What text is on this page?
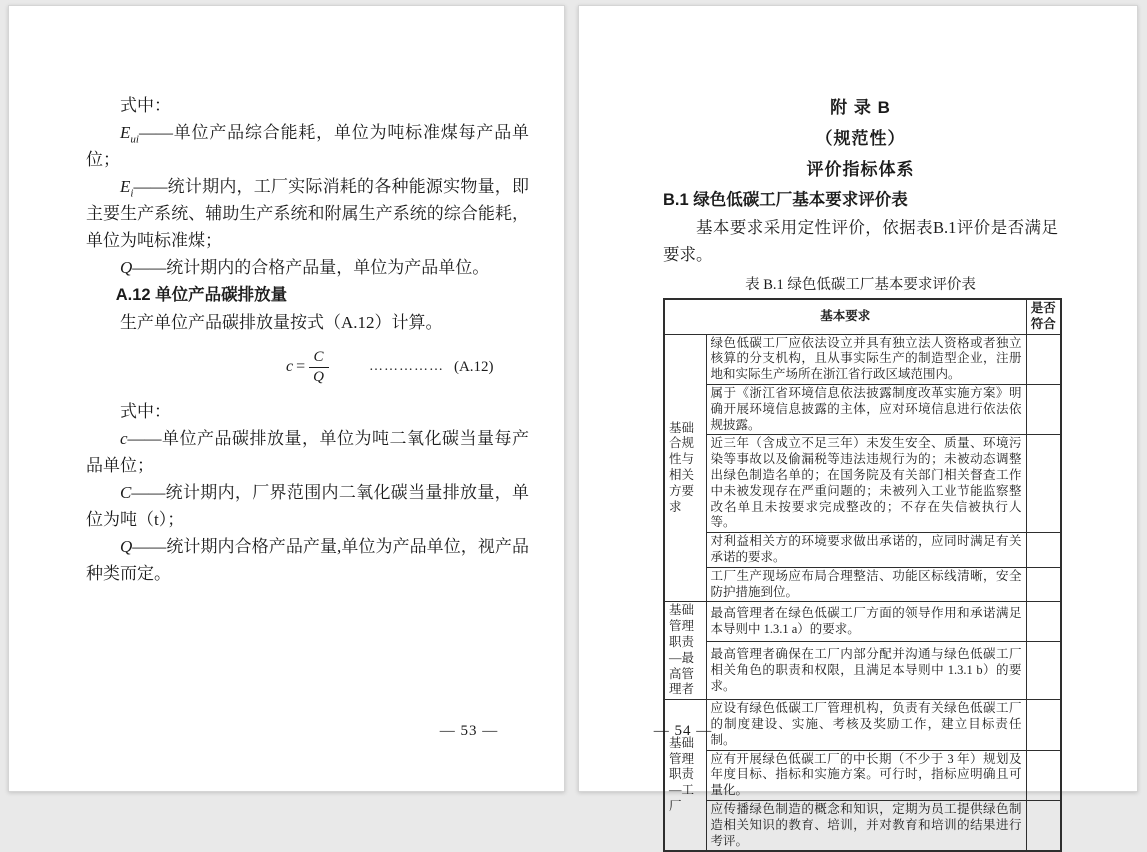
式中：

$E_{ui}——$单位产品综合能耗，单位为吨标准煤每产品单位；

$E_i——$统计期内，工厂实际消耗的各种能源实物量，即主要生产系统、辅助生产系统和附属生产系统的综合能耗，单位为吨标准煤；

Q——统计期内的合格产品量，单位为产品单位。

A.12 单位产品碳排放量

生产单位产品碳排放量按式（A.12）计算。

$c = \frac{C}{Q}$	…………… (A.12)

式中：

c——单位产品碳排放量，单位为吨二氧化碳当量每产品单位；

C——统计期内，厂界范围内二氧化碳当量排放量，单位为吨（t）；

Q——统计期内合格产品产量,单位为产品单位，视产品种类而定。

— 53 —

附 录 B

（规范性）

评价指标体系

B.1 绿色低碳工厂基本要求评价表

基本要求采用定性评价，依据表B.1评价是否满足要求。

表 B.1 绿色低碳工厂基本要求评价表

基本要求		是否符合
基础合规性与相关方要求	绿色低碳工厂应依法设立并具有独立法人资格或者独立核算的分支机构，且从事实际生产的制造型企业，注册地和实际生产场所在浙江省行政区域范围内。	
	属于《浙江省环境信息依法披露制度改革实施方案》明确开展环境信息披露的主体，应对环境信息进行依法依规披露。	
	近三年（含成立不足三年）未发生安全、质量、环境污染等事故以及偷漏税等违法违规行为的；未被动态调整出绿色制造名单的；在国务院及有关部门相关督查工作中未被发现存在严重问题的；未被列入工业节能监察整改名单且未按要求完成整改的；不存在失信被执行人等。	
	对利益相关方的环境要求做出承诺的，应同时满足有关承诺的要求。	
	工厂生产现场应布局合理整洁、功能区标线清晰，安全防护措施到位。	
基础管理职责—最高管理者	最高管理者在绿色低碳工厂方面的领导作用和承诺满足本导则中 1.3.1 a）的要求。	
	最高管理者确保在工厂内部分配并沟通与绿色低碳工厂相关角色的职责和权限，且满足本导则中 1.3.1 b）的要求。	
基础管理职责—工厂	应设有绿色低碳工厂管理机构，负责有关绿色低碳工厂的制度建设、实施、考核及奖励工作，建立目标责任制。	
	应有开展绿色低碳工厂的中长期（不少于 3 年）规划及年度目标、指标和实施方案。可行时，指标应明确且可量化。	
	应传播绿色制造的概念和知识，定期为员工提供绿色制造相关知识的教育、培训，并对教育和培训的结果进行考评。	
— 54 —
